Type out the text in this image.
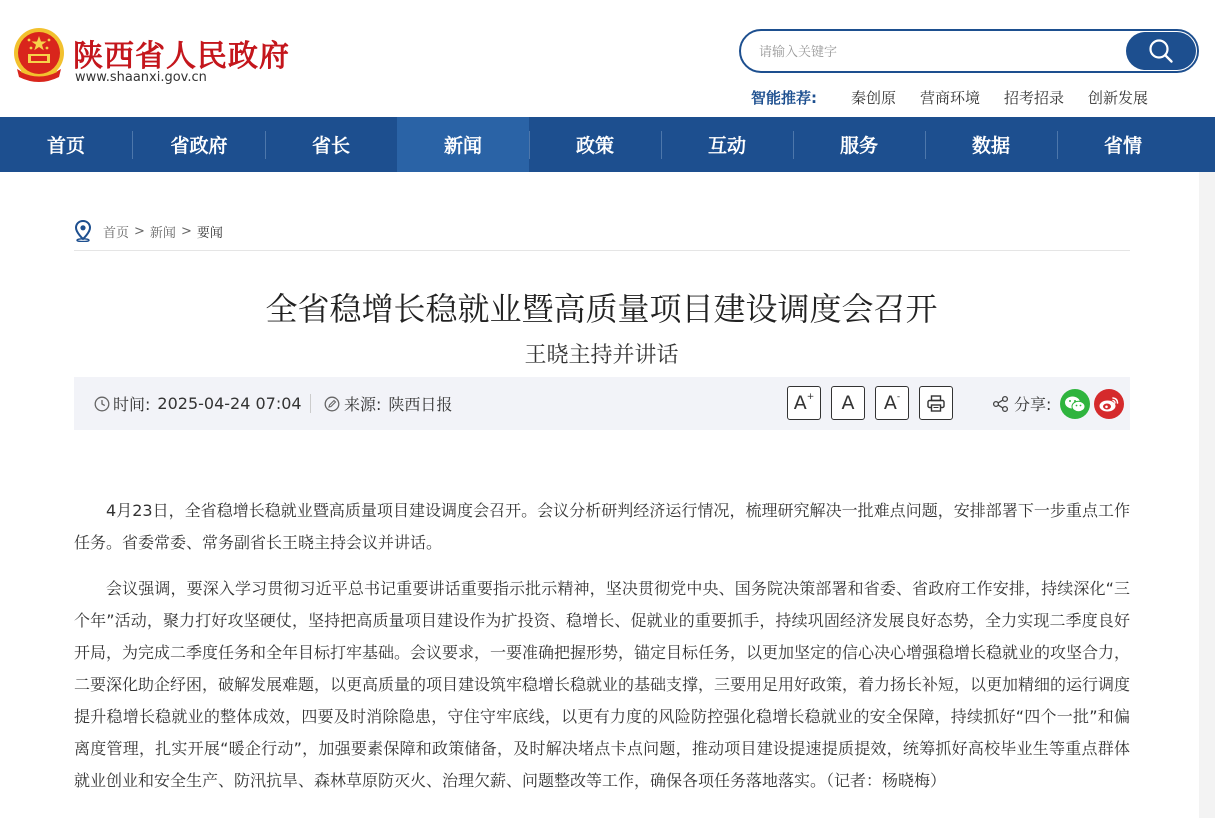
陕西省人民政府
www.shaanxi.gov.cn
请输入关键字
智能推荐: 秦创原 营商环境 招考招录 创新发展
首页	省政府	省长	新闻	政策	互动	服务	数据	省情
首页 > 新闻 > 要闻
全省稳增长稳就业暨高质量项目建设调度会召开
王晓主持并讲话
时间: 2025-04-24 07:04	来源: 陕西日报	A+ A A-	分享:

4月23日，全省稳增长稳就业暨高质量项目建设调度会召开。会议分析研判经济运行情况，梳理研究解决一批难点问题，安排部署下一步重点工作任务。省委常委、常务副省长王晓主持会议并讲话。

会议强调，要深入学习贯彻习近平总书记重要讲话重要指示批示精神，坚决贯彻党中央、国务院决策部署和省委、省政府工作安排，持续深化“三个年”活动，聚力打好攻坚硬仗，坚持把高质量项目建设作为扩投资、稳增长、促就业的重要抓手，持续巩固经济发展良好态势，全力实现二季度良好开局，为完成二季度任务和全年目标打牢基础。会议要求，一要准确把握形势，锚定目标任务，以更加坚定的信心决心增强稳增长稳就业的攻坚合力，二要深化助企纾困，破解发展难题，以更高质量的项目建设筑牢稳增长稳就业的基础支撑，三要用足用好政策，着力扬长补短，以更加精细的运行调度提升稳增长稳就业的整体成效，四要及时消除隐患，守住守牢底线，以更有力度的风险防控强化稳增长稳就业的安全保障，持续抓好“四个一批”和偏离度管理，扎实开展“暖企行动”，加强要素保障和政策储备，及时解决堵点卡点问题，推动项目建设提速提质提效，统筹抓好高校毕业生等重点群体就业创业和安全生产、防汛抗旱、森林草原防灭火、治理欠薪、问题整改等工作，确保各项任务落地落实。（记者：杨晓梅）
